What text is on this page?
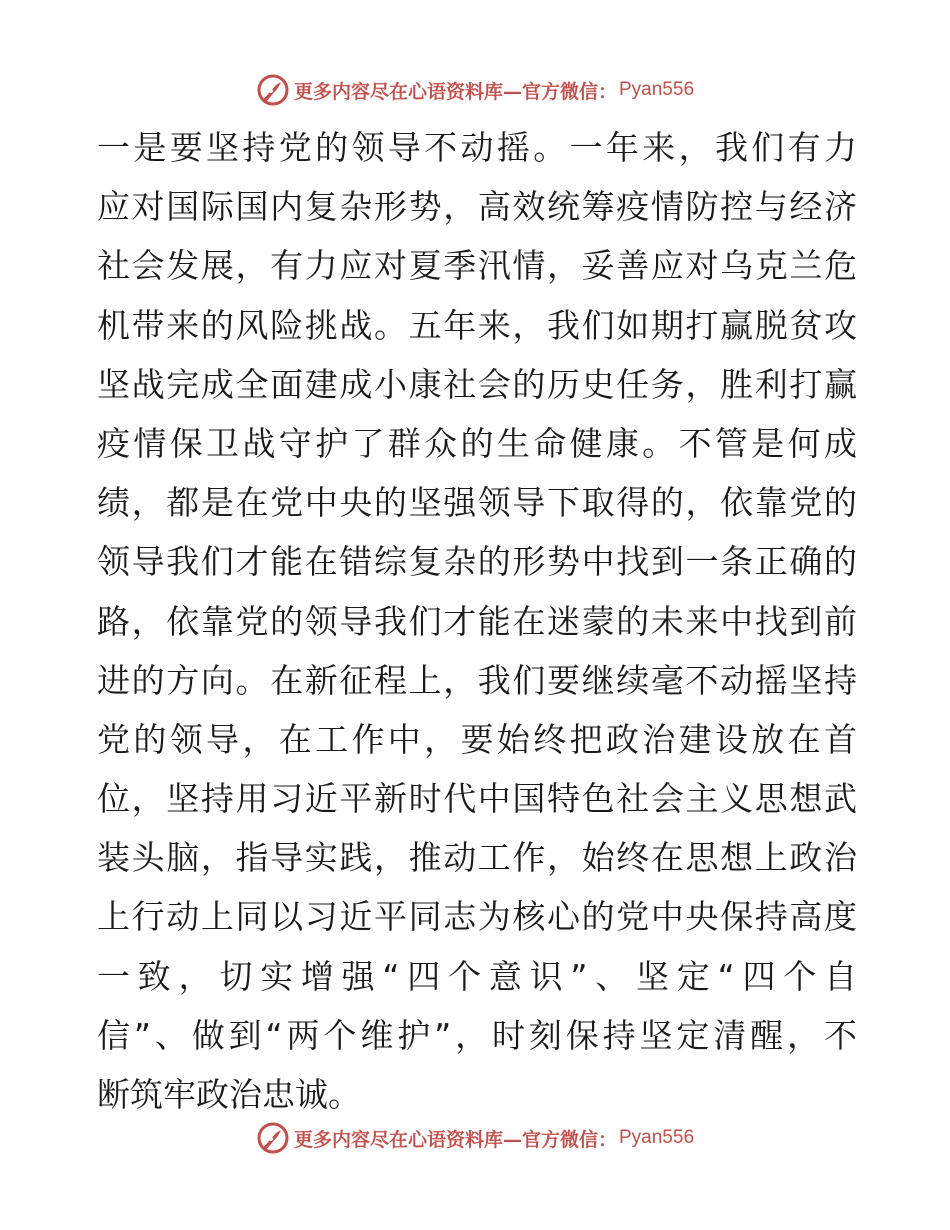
更多内容尽在心语资料库—官方微信： Pyan556
一是要坚持党的领导不动摇。一年来，我们有力
应对国际国内复杂形势，高效统筹疫情防控与经济
社会发展，有力应对夏季汛情，妥善应对乌克兰危
机带来的风险挑战。五年来，我们如期打赢脱贫攻
坚战完成全面建成小康社会的历史任务，胜利打赢
疫情保卫战守护了群众的生命健康。不管是何成
绩，都是在党中央的坚强领导下取得的，依靠党的
领导我们才能在错综复杂的形势中找到一条正确的
路，依靠党的领导我们才能在迷蒙的未来中找到前
进的方向。在新征程上，我们要继续毫不动摇坚持
党的领导，在工作中，要始终把政治建设放在首
位，坚持用习近平新时代中国特色社会主义思想武
装头脑，指导实践，推动工作，始终在思想上政治
上行动上同以习近平同志为核心的党中央保持高度
一致，切实增强“四个意识”、坚定“四个自
信”、做到“两个维护”，时刻保持坚定清醒，不
断筑牢政治忠诚。
更多内容尽在心语资料库—官方微信： Pyan556
